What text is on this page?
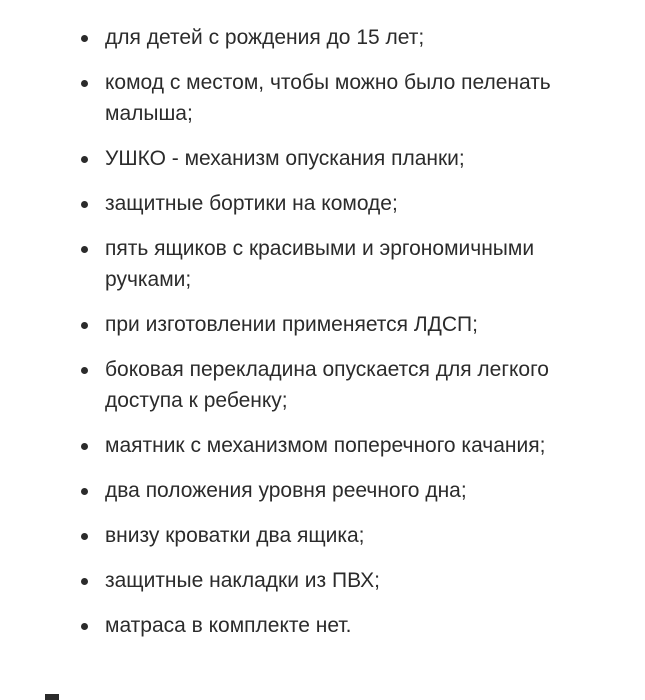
для детей с рождения до 15 лет;
комод с местом, чтобы можно было пеленать малыша;
УШКО - механизм опускания планки;
защитные бортики на комоде;
пять ящиков с красивыми и эргономичными ручками;
при изготовлении применяется ЛДСП;
боковая перекладина опускается для легкого доступа к ребенку;
маятник с механизмом поперечного качания;
два положения уровня реечного дна;
внизу кроватки два ящика;
защитные накладки из ПВХ;
матраса в комплекте нет.
